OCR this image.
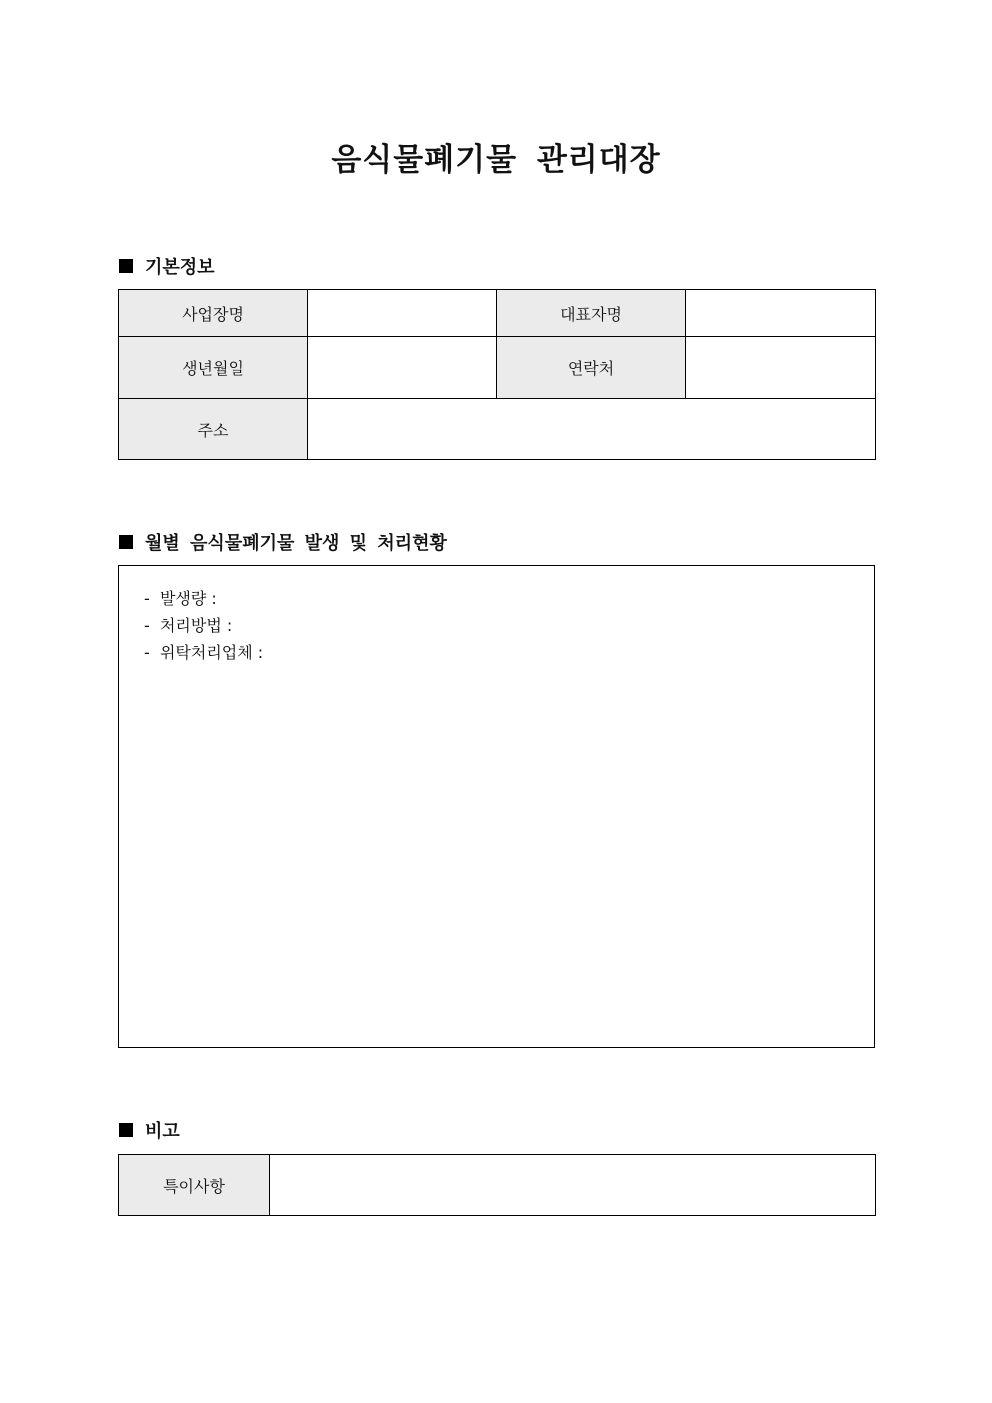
음식물폐기물 관리대장
기본정보
사업장명		대표자명	
생년월일		연락처	
주소			
월별 음식물폐기물 발생 및 처리현황
-  발생량 :
-  처리방법 :
-  위탁처리업체 :
비고
특이사항	
